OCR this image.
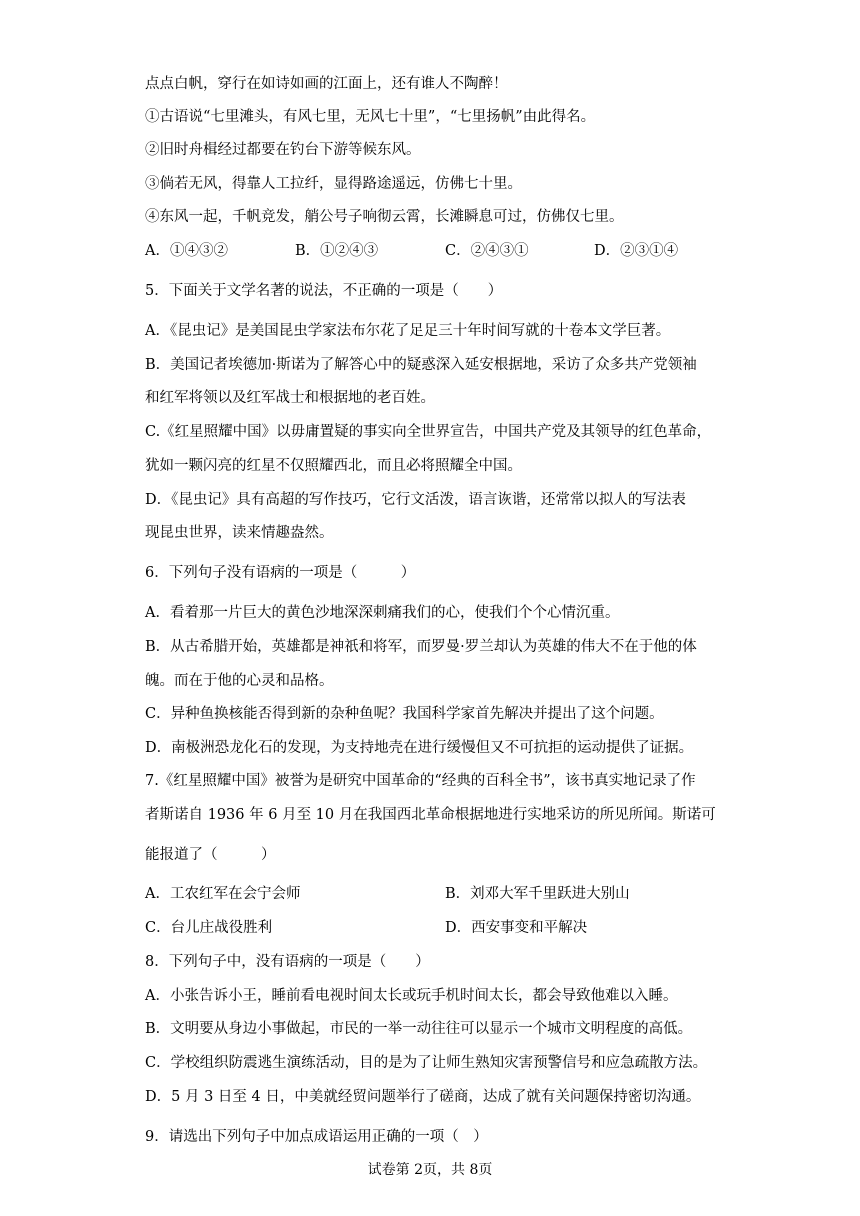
点点白帆，穿行在如诗如画的江面上，还有谁人不陶醉！
①古语说“七里滩头，有风七里，无风七十里”，“七里扬帆”由此得名。
②旧时舟楫经过都要在钓台下游等候东风。
③倘若无风，得靠人工拉纤，显得路途遥远，仿佛七十里。
④东风一起，千帆竞发，艄公号子响彻云霄，长滩瞬息可过，仿佛仅七里。
A．①④③②	B．①②④③	C．②④③①	D．②③①④
5．下面关于文学名著的说法，不正确的一项是（　　）
A．《昆虫记》是美国昆虫学家法布尔花了足足三十年时间写就的十卷本文学巨著。
B．美国记者埃德加·斯诺为了解答心中的疑惑深入延安根据地，采访了众多共产党领袖
和红军将领以及红军战士和根据地的老百姓。
C.《红星照耀中国》以毋庸置疑的事实向全世界宣告，中国共产党及其领导的红色革命，
犹如一颗闪亮的红星不仅照耀西北，而且必将照耀全中国。
D．《昆虫记》具有高超的写作技巧，它行文活泼，语言诙谐，还常常以拟人的写法表
现昆虫世界，读来情趣盎然。
6．下列句子没有语病的一项是（　　　）
A．看着那一片巨大的黄色沙地深深刺痛我们的心，使我们个个心情沉重。
B．从古希腊开始，英雄都是神祇和将军，而罗曼·罗兰却认为英雄的伟大不在于他的体
魄。而在于他的心灵和品格。
C．异种鱼换核能否得到新的杂种鱼呢？我国科学家首先解决并提出了这个问题。
D．南极洲恐龙化石的发现，为支持地壳在进行缓慢但又不可抗拒的运动提供了证据。
7.《红星照耀中国》被誉为是研究中国革命的“经典的百科全书”，该书真实地记录了作
者斯诺自 1936 年 6 月至 10 月在我国西北革命根据地进行实地采访的所见所闻。斯诺可
能报道了（　　　）
A．工农红军在会宁会师	B．刘邓大军千里跃进大别山
C．台儿庄战役胜利	D．西安事变和平解决
8．下列句子中，没有语病的一项是（　　）
A．小张告诉小王，睡前看电视时间太长或玩手机时间太长，都会导致他难以入睡。
B．文明要从身边小事做起，市民的一举一动往往可以显示一个城市文明程度的高低。
C．学校组织防震逃生演练活动，目的是为了让师生熟知灾害预警信号和应急疏散方法。
D．5 月 3 日至 4 日，中美就经贸问题举行了磋商，达成了就有关问题保持密切沟通。
9．请选出下列句子中加点成语运用正确的一项（　）
试卷第 2页，共 8页
